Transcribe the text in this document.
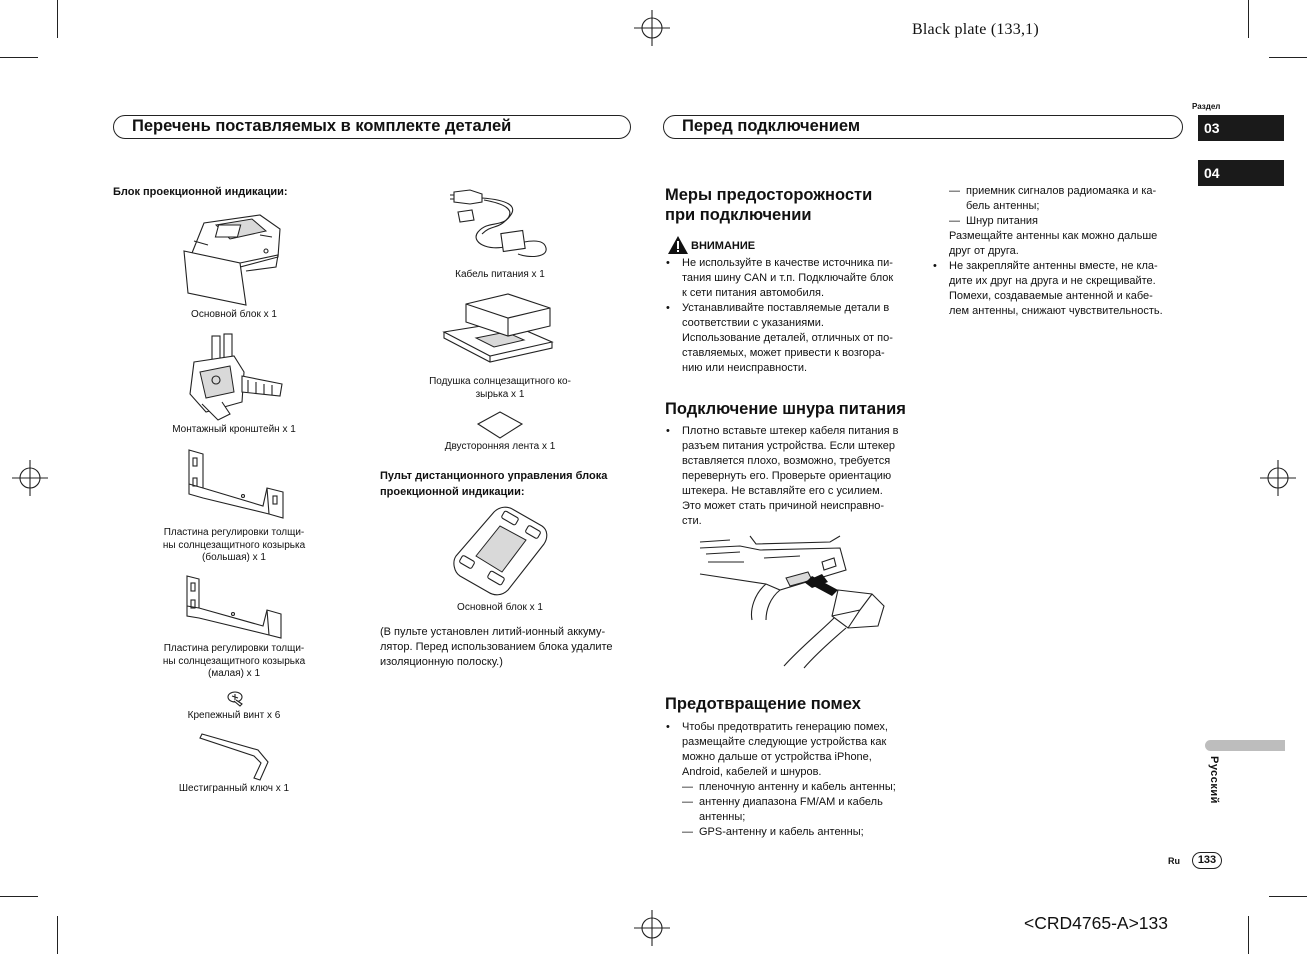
Black plate (133,1)
Перечень поставляемых в комплекте деталей	Перед подключением
Раздел
03
04
Русский
Ru	133
<CRD4765-A>133
Блок проекционной индикации:
Основной блок x 1
Монтажный кронштейн x 1
Пластина регулировки толщи-
ны солнцезащитного козырька
(большая) x 1
Пластина регулировки толщи-
ны солнцезащитного козырька
(малая) x 1
Крепежный винт x 6
Шестигранный ключ x 1
Кабель питания x 1
Подушка солнцезащитного ко-
зырька x 1
Двусторонняя лента x 1
Пульт дистанционного управления блока
проекционной индикации:
Основной блок x 1
(В пульте установлен литий-ионный аккуму-
лятор. Перед использованием блока удалите
изоляционную полоску.)
Меры предосторожности
при подключении
ВНИМАНИЕ
• Не используйте в качестве источника пи-
тания шину CAN и т.п. Подключайте блок
к сети питания автомобиля.
• Устанавливайте поставляемые детали в
соответствии с указаниями.
Использование деталей, отличных от по-
ставляемых, может привести к возгора-
нию или неисправности.
Подключение шнура питания
• Плотно вставьте штекер кабеля питания в
разъем питания устройства. Если штекер
вставляется плохо, возможно, требуется
перевернуть его. Проверьте ориентацию
штекера. Не вставляйте его с усилием.
Это может стать причиной неисправно-
сти.
Предотвращение помех
• Чтобы предотвратить генерацию помех,
размещайте следующие устройства как
можно дальше от устройства iPhone,
Android, кабелей и шнуров.
— пленочную антенну и кабель антенны;
— антенну диапазона FM/AM и кабель
антенны;
— GPS-антенну и кабель антенны;
— приемник сигналов радиомаяка и ка-
бель антенны;
— Шнур питания
Размещайте антенны как можно дальше
друг от друга.
• Не закрепляйте антенны вместе, не кла-
дите их друг на друга и не скрещивайте.
Помехи, создаваемые антенной и кабе-
лем антенны, снижают чувствительность.
